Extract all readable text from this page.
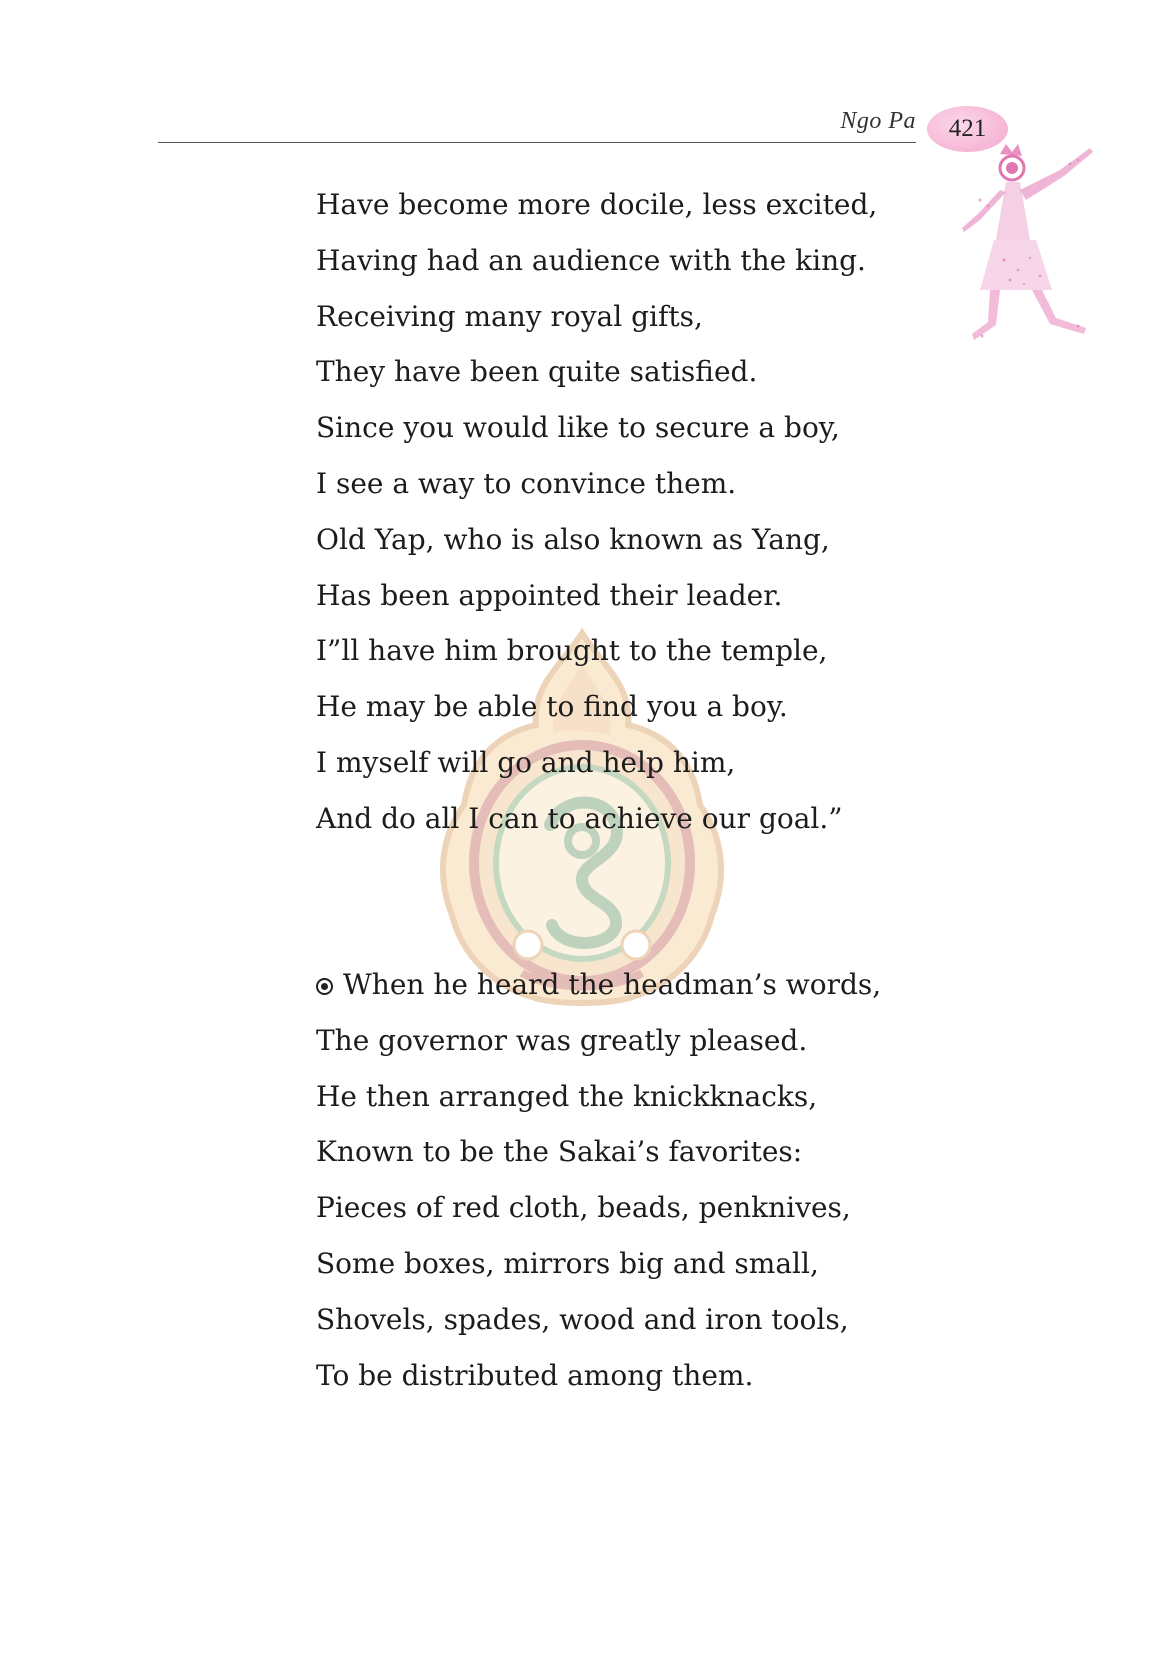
Ngo Pa 421
Have become more docile, less excited,
Having had an audience with the king.
Receiving many royal gifts,
They have been quite satisfied.
Since you would like to secure a boy,
I see a way to convince them.
Old Yap, who is also known as Yang,
Has been appointed their leader.
I”ll have him brought to the temple,
He may be able to find you a boy.
I myself will go and help him,
And do all I can to achieve our goal.”
When he heard the headman’s words,
The governor was greatly pleased.
He then arranged the knickknacks,
Known to be the Sakai’s favorites:
Pieces of red cloth, beads, penknives,
Some boxes, mirrors big and small,
Shovels, spades, wood and iron tools,
To be distributed among them.
